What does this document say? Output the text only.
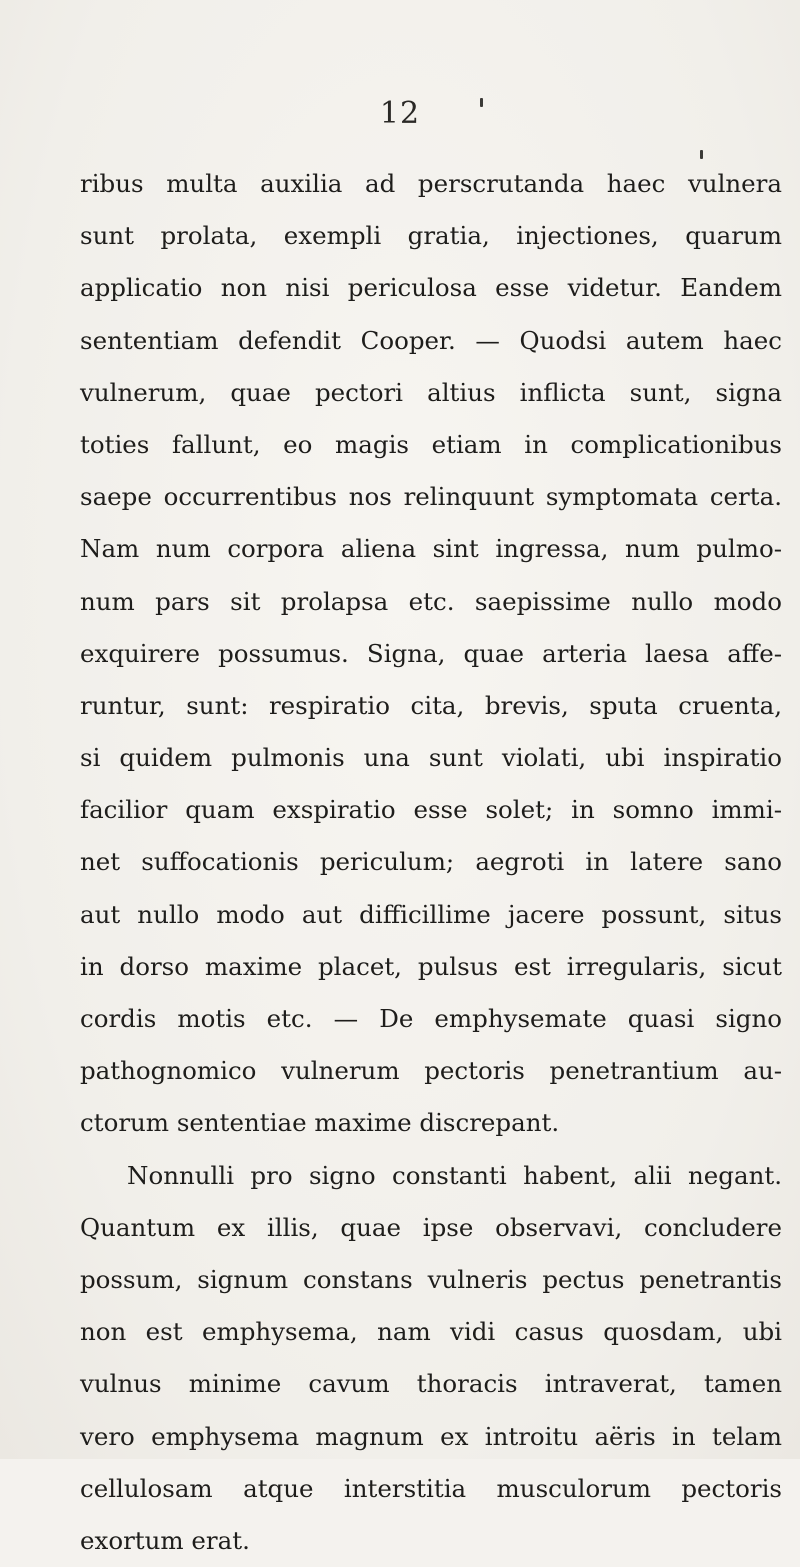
12
ribus multa auxilia ad perscrutanda haec vulnera
sunt prolata, exempli gratia, injectiones, quarum
applicatio non nisi periculosa esse videtur. Eandem
sententiam defendit Cooper. — Quodsi autem haec
vulnerum, quae pectori altius inflicta sunt, signa
toties fallunt, eo magis etiam in complicationibus
saepe occurrentibus nos relinquunt symptomata certa.
Nam num corpora aliena sint ingressa, num pulmo-
num pars sit prolapsa etc. saepissime nullo modo
exquirere possumus. Signa, quae arteria laesa affe-
runtur, sunt: respiratio cita, brevis, sputa cruenta,
si quidem pulmonis una sunt violati, ubi inspiratio
facilior quam exspiratio esse solet; in somno immi-
net suffocationis periculum; aegroti in latere sano
aut nullo modo aut difficillime jacere possunt, situs
in dorso maxime placet, pulsus est irregularis, sicut
cordis motis etc. — De emphysemate quasi signo
pathognomico vulnerum pectoris penetrantium au-
ctorum sententiae maxime discrepant.
Nonnulli pro signo constanti habent, alii negant.
Quantum ex illis, quae ipse observavi, concludere
possum, signum constans vulneris pectus penetrantis
non est emphysema, nam vidi casus quosdam, ubi
vulnus minime cavum thoracis intraverat, tamen
vero emphysema magnum ex introitu aëris in telam
cellulosam atque interstitia musculorum pectoris
exortum erat.
